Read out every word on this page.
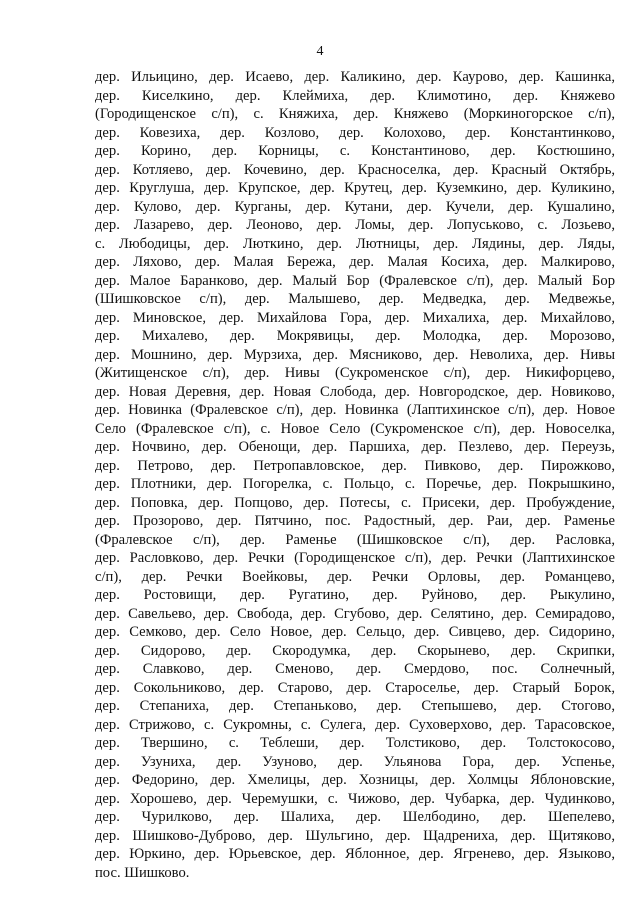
4
дер. Ильицино, дер. Исаево, дер. Каликино, дер. Каурово, дер. Кашинка,
дер. Киселкино, дер. Клеймиха, дер. Климотино, дер. Княжево
(Городищенское с/п), с. Княжиха, дер. Княжево (Моркиногорское с/п),
дер. Ковезиха, дер. Козлово, дер. Колохово, дер. Константинково,
дер. Корино, дер. Корницы, с. Константиново, дер. Костюшино,
дер. Котляево, дер. Кочевино, дер. Красноселка, дер. Красный Октябрь,
дер. Круглуша, дер. Крупское, дер. Крутец, дер. Куземкино, дер. Куликино,
дер. Кулово, дер. Курганы, дер. Кутани, дер. Кучели, дер. Кушалино,
дер. Лазарево, дер. Леоново, дер. Ломы, дер. Лопуськово, с. Лозьево,
с. Любодицы, дер. Люткино, дер. Лютницы, дер. Лядины, дер. Ляды,
дер. Ляхово, дер. Малая Бережа, дер. Малая Косиха, дер. Малкирово,
дер. Малое Баранково, дер. Малый Бор (Фралевское с/п), дер. Малый Бор
(Шишковское с/п), дер. Малышево, дер. Медведка, дер. Медвежье,
дер. Миновское, дер. Михайлова Гора, дер. Михалиха, дер. Михайлово,
дер. Михалево, дер. Мокрявицы, дер. Молодка, дер. Морозово,
дер. Мошнино, дер. Мурзиха, дер. Мясниково, дер. Неволиха, дер. Нивы
(Житищенское с/п), дер. Нивы (Сукроменское с/п), дер. Никифорцево,
дер. Новая Деревня, дер. Новая Слобода, дер. Новгородское, дер. Новиково,
дер. Новинка (Фралевское с/п), дер. Новинка (Лаптихинское с/п), дер. Новое
Село (Фралевское с/п), с. Новое Село (Сукроменское с/п), дер. Новоселка,
дер. Ночвино, дер. Обенощи, дер. Паршиха, дер. Пезлево, дер. Переузь,
дер. Петрово, дер. Петропавловское, дер. Пивково, дер. Пирожково,
дер. Плотники, дер. Погорелка, с. Польцо, с. Поречье, дер. Покрышкино,
дер. Поповка, дер. Попцово, дер. Потесы, с. Присеки, дер. Пробуждение,
дер. Прозорово, дер. Пятчино, пос. Радостный, дер. Раи, дер. Раменье
(Фралевское с/п), дер. Раменье (Шишковское с/п), дер. Расловка,
дер. Расловково, дер. Речки (Городищенское с/п), дер. Речки (Лаптихинское
с/п), дер. Речки Воейковы, дер. Речки Орловы, дер. Романцево,
дер. Ростовищи, дер. Ругатино, дер. Руйново, дер. Рыкулино,
дер. Савельево, дер. Свобода, дер. Сгубово, дер. Селятино, дер. Семирадово,
дер. Семково, дер. Село Новое, дер. Сельцо, дер. Сивцево, дер. Сидорино,
дер. Сидорово, дер. Скородумка, дер. Скорынево, дер. Скрипки,
дер. Славково, дер. Сменово, дер. Смердово, пос. Солнечный,
дер. Сокольниково, дер. Старово, дер. Староселье, дер. Старый Борок,
дер. Степаниха, дер. Степанькoво, дер. Степышево, дер. Стогово,
дер. Стрижово, с. Сукромны, с. Сулега, дер. Суховерхово, дер. Тарасовское,
дер. Твершино, с. Теблеши, дер. Толстиково, дер. Толстокосово,
дер. Узуниха, дер. Узуново, дер. Ульянова Гора, дер. Успенье,
дер. Федорино, дер. Хмелицы, дер. Хозницы, дер. Холмцы Яблоновские,
дер. Хорошево, дер. Черемушки, с. Чижово, дер. Чубарка, дер. Чудинково,
дер. Чурилково, дер. Шалиха, дер. Шелбодино, дер. Шепелево,
дер. Шишково-Дуброво, дер. Шульгино, дер. Щадрениха, дер. Щитяково,
дер. Юркино, дер. Юрьевское, дер. Яблонное, дер. Ягренево, дер. Языково,
пос. Шишково.
